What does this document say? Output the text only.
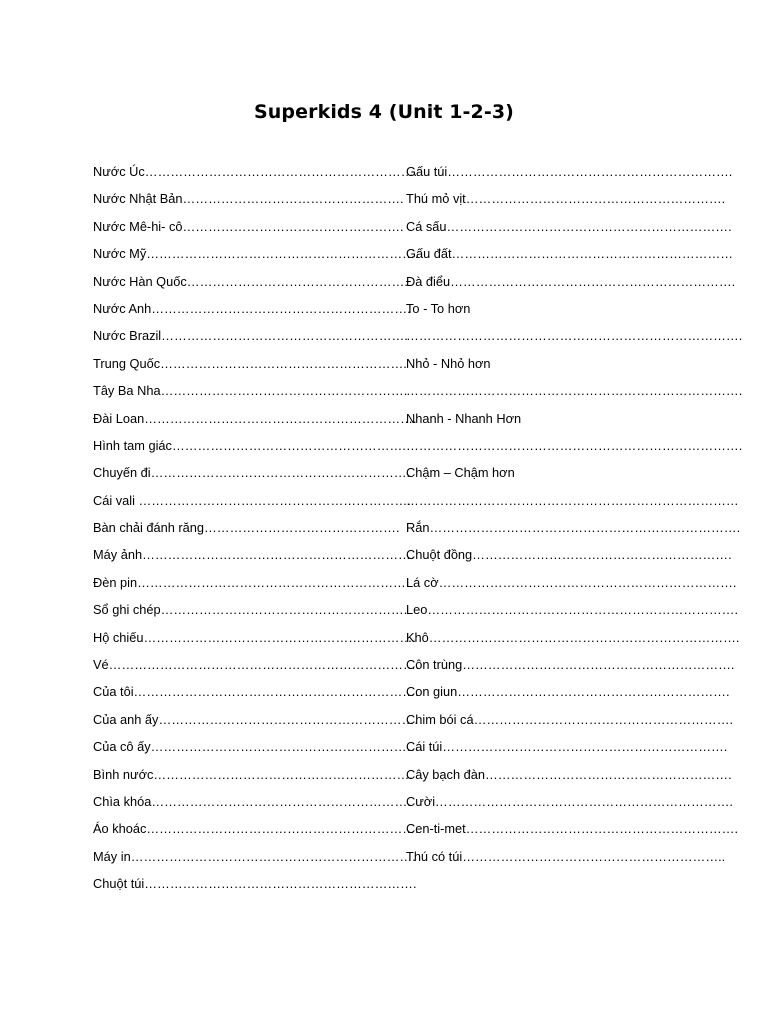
Superkids 4 (Unit 1-2-3)
Nước Úc……………………………………………………….
Nước Nhật Bản…………………………………………….
Nước Mê-hi- cô…………………………………………….
Nước Mỹ……………………………………………………….
Nước Hàn Quốc…………………………………………….
Nước Anh…………………………………………………….
Nước Brazil………………………………………………….
Trung Quốc………………………………………………….
Tây Ba Nha………………………………………………….
Đài Loan……………………………………………………….
Hình tam giác……………………………………………….
Chuyến đi…………………………………………………….
Cái vali ……………………………………………………….
Bàn chải đánh răng……………………………………….
Máy ảnh……………………………………………………….
Đèn pin……………………………………………………….
Sổ ghi chép………………………………………………….
Hộ chiếu……………………………………………………….
Vé……………………………………………………………….
Của tôi………………………………………………………….
Của anh ấy…………………………………………………….
Của cô ấy……………………………………………………….
Bình nước…………………………………………………….
Chìa khóa…………………………………………………….
Áo khoác……………………………………………………….
Máy in………………………………………………………….
Chuột túi……………………………………………………….
Gấu túi………………………………………………………….
Thú mỏ vịt…………………………………………………….
Cá sấu………………………………………………………….
Gấu đất…………………………………………………………
Đà điểu………………………………………………………….
To - To hơn
…………………………………………………………………….
Nhỏ - Nhỏ hơn
…………………………………………………………………….
Nhanh - Nhanh Hơn
…………………………………………………………………….
Chậm – Chậm hơn
……………………………………………………………………
Rắn……………………………………………………………….
Chuột đồng…………………………………………………….
Lá cờ…………………………………………………………….
Leo……………………………………………………………….
Khô……………………………………………………………….
Côn trùng……………………………………………………….
Con giun……………………………………………………….
Chim bói cá…………………………………………………….
Cái túi………………………………………………………….
Cây bạch đàn………………………………………………….
Cười…………………………………………………………….
Cen-ti-met……………………………………………………….
Thú có túi……………………………………………………..
